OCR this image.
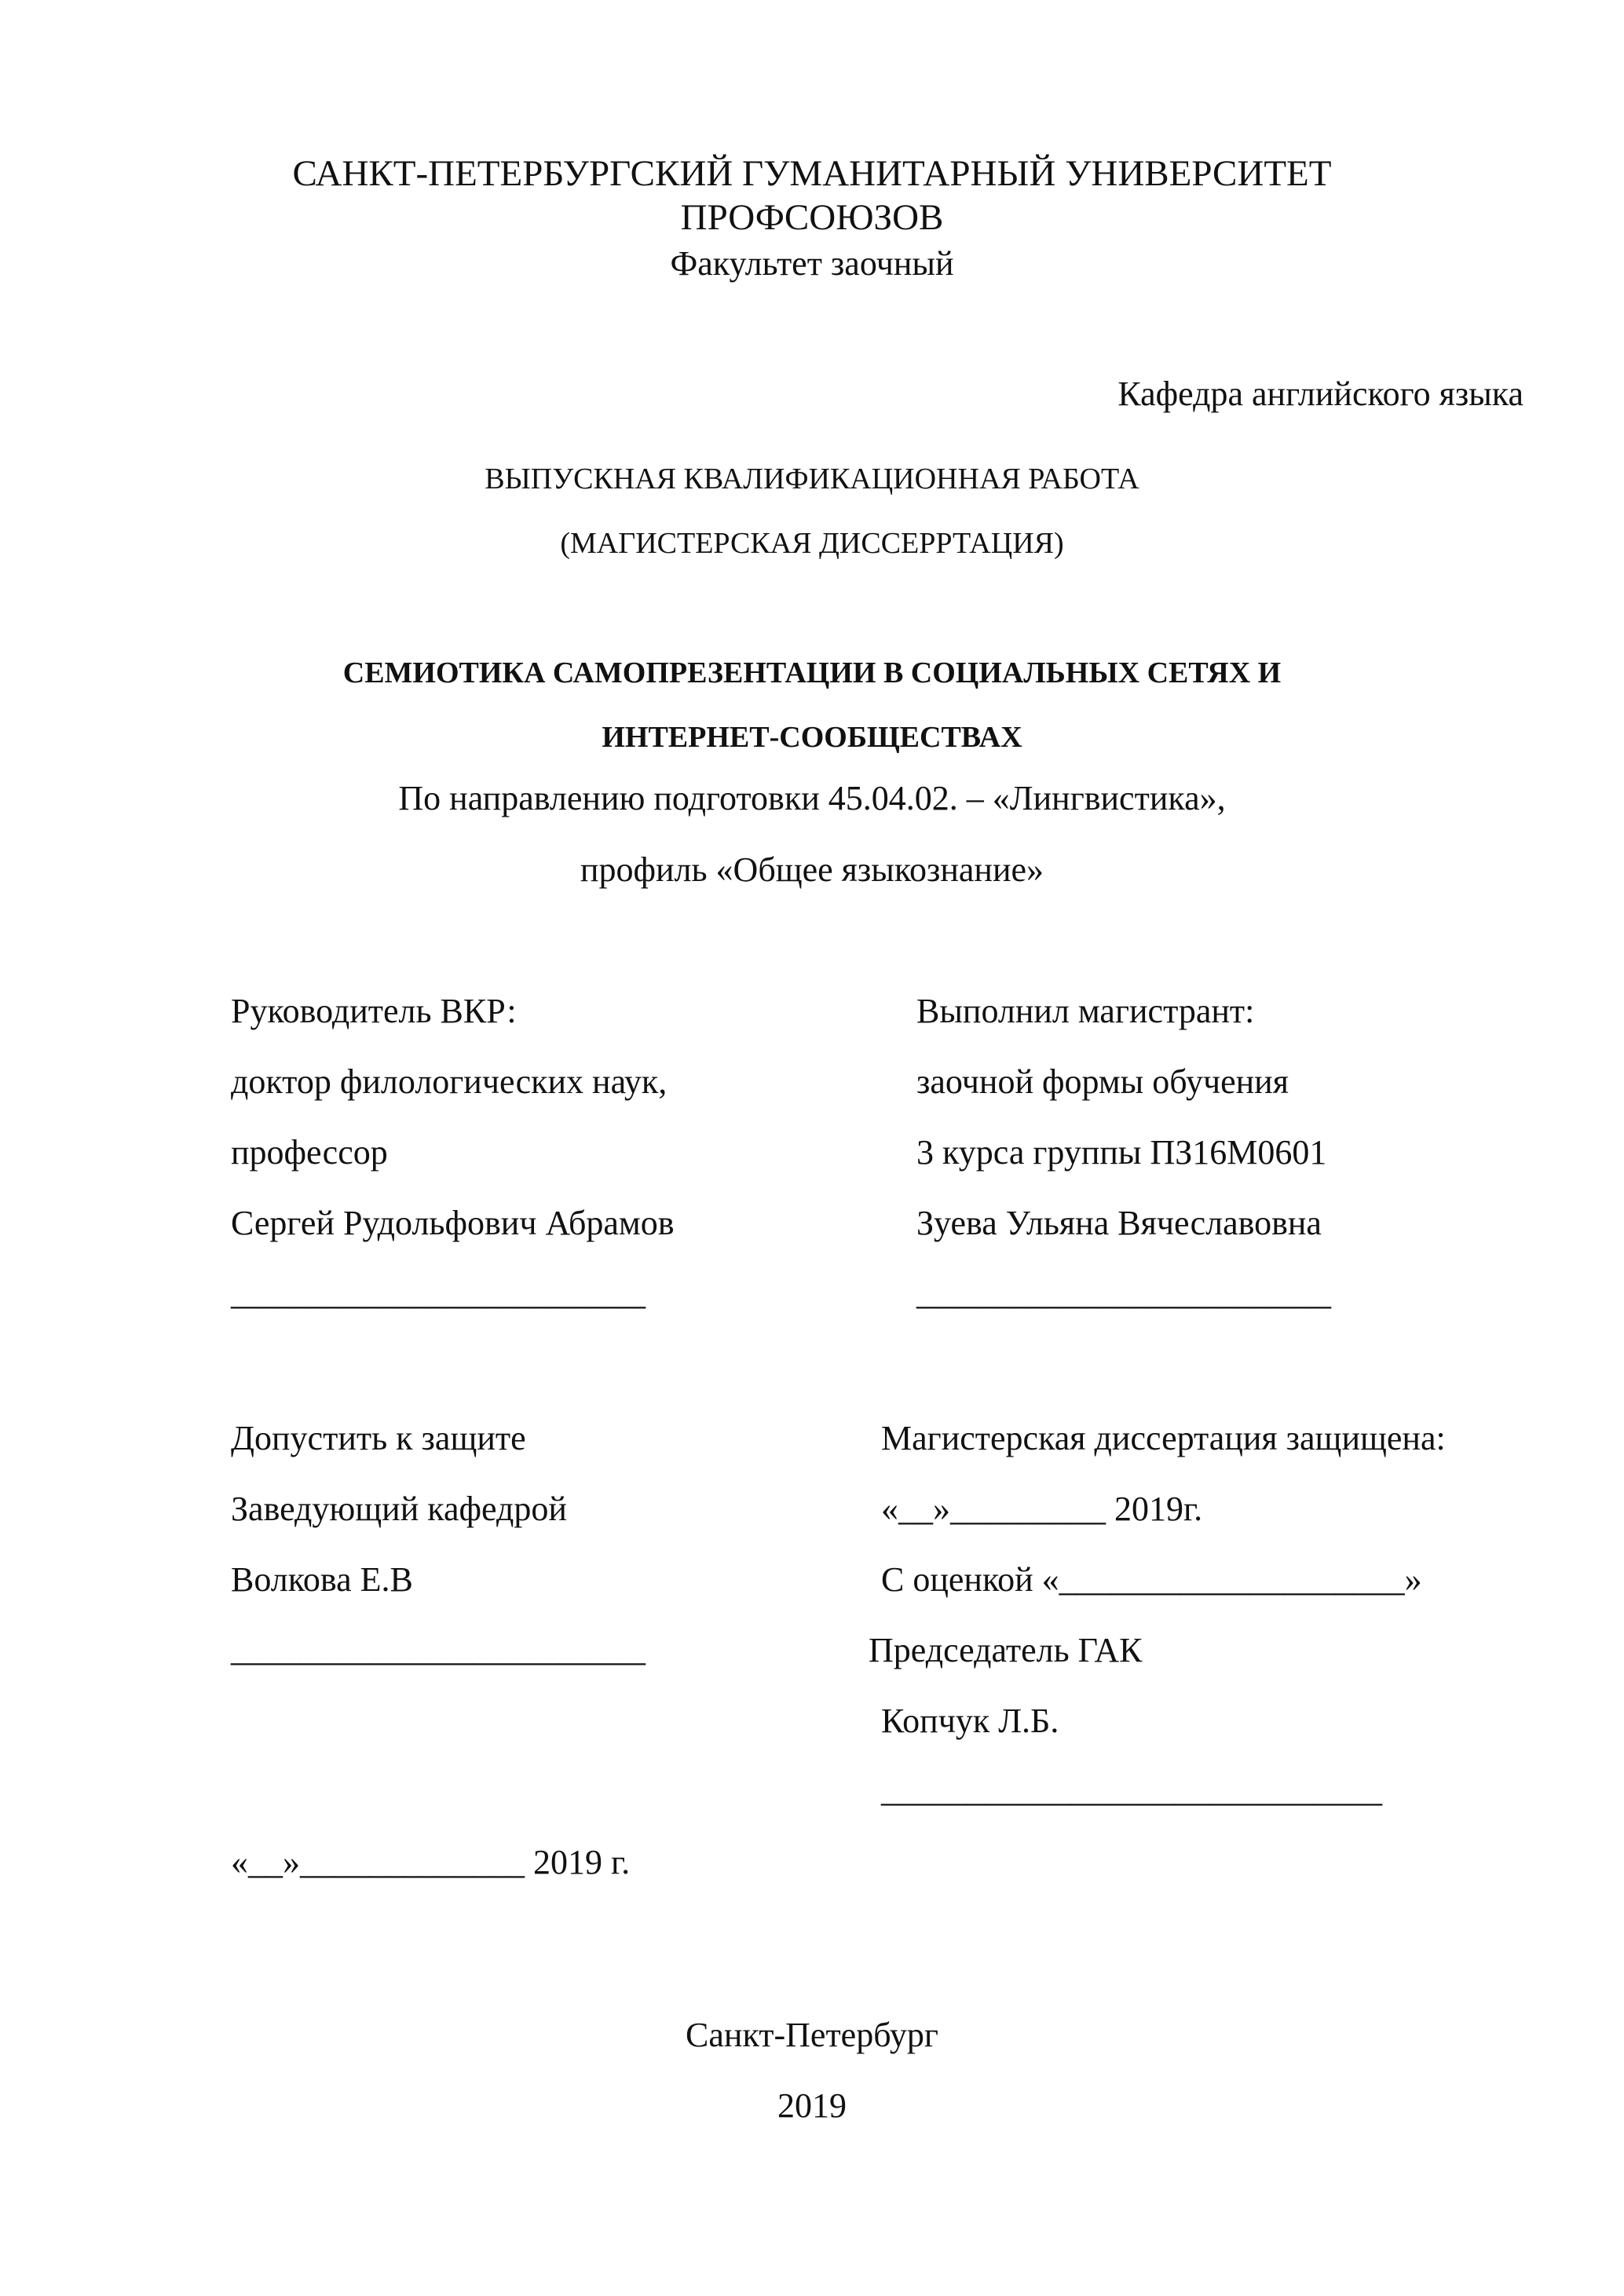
САНКТ-ПЕТЕРБУРГСКИЙ ГУМАНИТАРНЫЙ УНИВЕРСИТЕТ
ПРОФСОЮЗОВ
Факультет заочный
Кафедра английского языка
ВЫПУСКНАЯ КВАЛИФИКАЦИОННАЯ РАБОТА
(МАГИСТЕРСКАЯ ДИССЕРРТАЦИЯ)
СЕМИОТИКА САМОПРЕЗЕНТАЦИИ В СОЦИАЛЬНЫХ СЕТЯХ И
ИНТЕРНЕТ-СООБЩЕСТВАХ
По направлению подготовки 45.04.02. – «Лингвистика»,
профиль «Общее языкознание»
Руководитель ВКР:
доктор филологических наук,
профессор
Сергей Рудольфович Абрамов
________________________
Выполнил магистрант:
заочной формы обучения
3 курса группы ПЗ16М0601
Зуева Ульяна Вячеславовна
________________________
Допустить к защите
Заведующий кафедрой
Волкова Е.В
________________________
«__»_____________ 2019 г.
Магистерская диссертация защищена:
«__»_________ 2019г.
С оценкой «____________________»
Председатель ГАК
Копчук Л.Б.
_____________________________
Санкт-Петербург
2019
